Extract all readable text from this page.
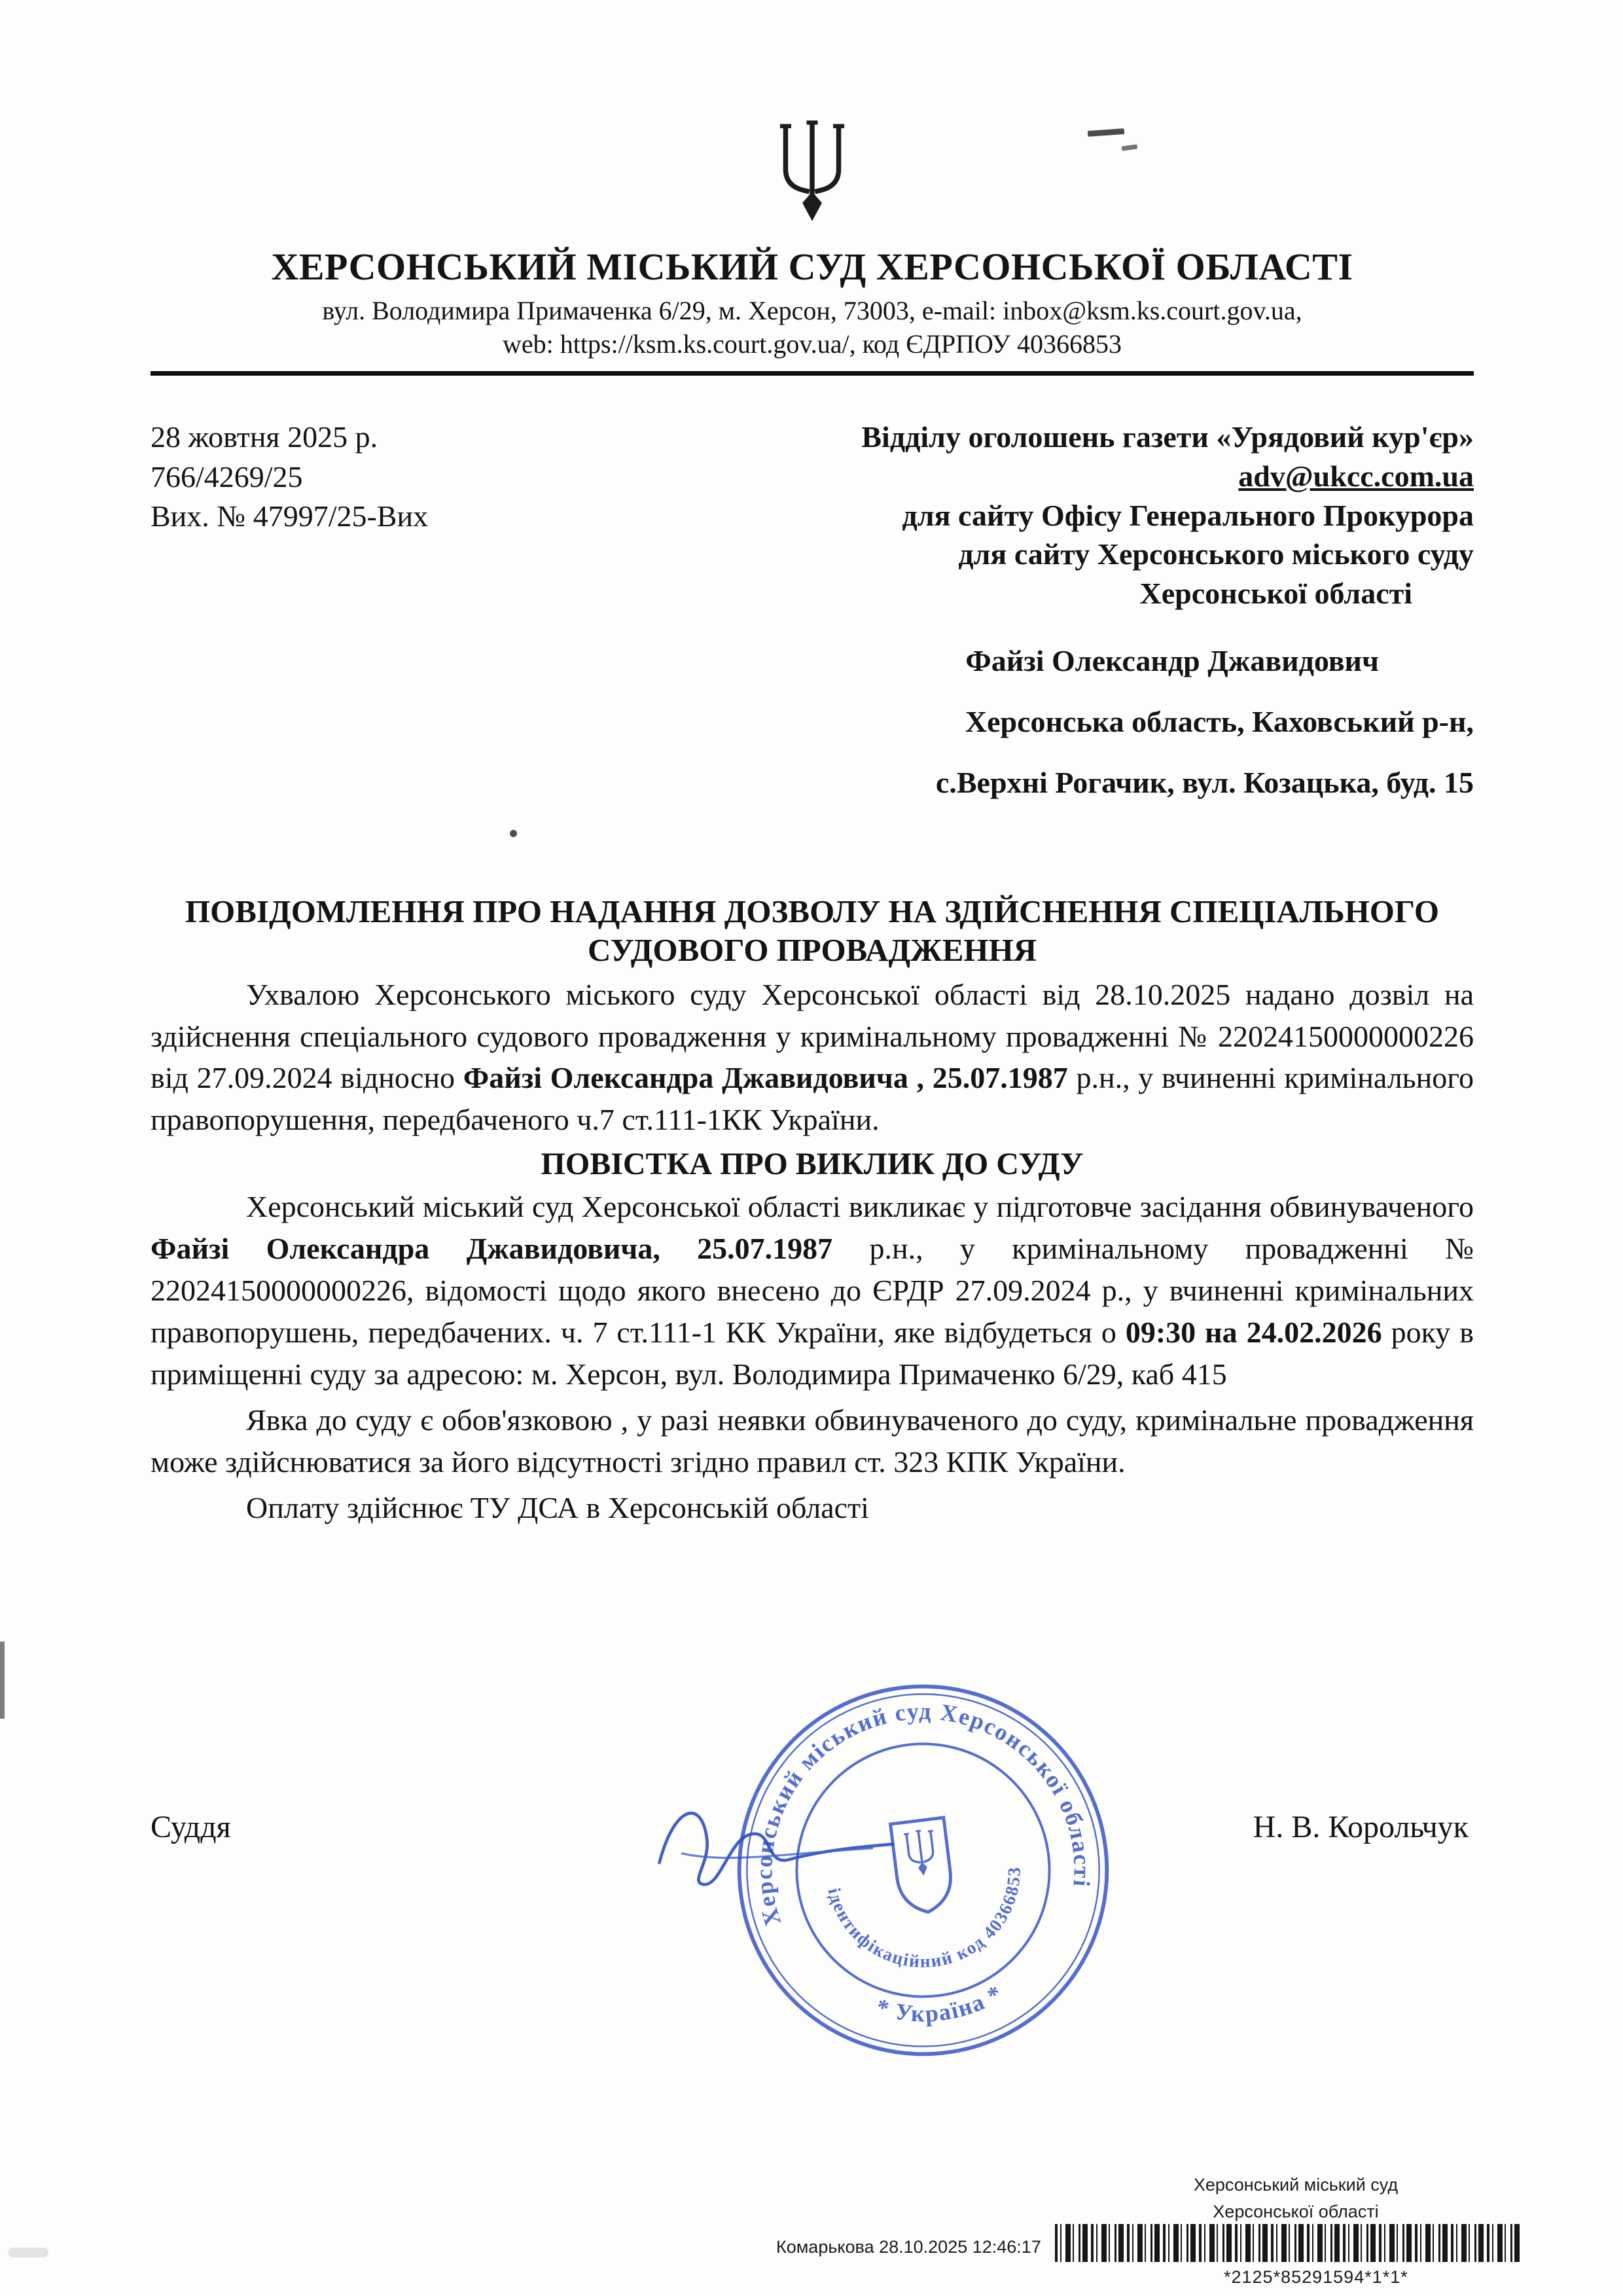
ХЕРСОНСЬКИЙ МІСЬКИЙ СУД ХЕРСОНСЬКОЇ ОБЛАСТІ
вул. Володимира Примаченка 6/29, м. Херсон, 73003, e-mail: inbox@ksm.ks.court.gov.ua,
web: https://ksm.ks.court.gov.ua/, код ЄДРПОУ 40366853
28 жовтня 2025 р.
766/4269/25
Вих. № 47997/25-Вих
Відділу оголошень газети «Урядовий кур'єр»
adv@ukcc.com.ua
для сайту Офісу Генерального Прокурора
для сайту Херсонського міського суду
Херсонської області
Файзі Олександр Джавидович
Херсонська область, Каховський р-н,
с.Верхні Рогачик, вул. Козацька, буд. 15
ПОВІДОМЛЕННЯ ПРО НАДАННЯ ДОЗВОЛУ НА ЗДІЙСНЕННЯ СПЕЦІАЛЬНОГО
СУДОВОГО ПРОВАДЖЕННЯ

Ухвалою Херсонського міського суду Херсонської області від 28.10.2025 надано дозвіл на здійснення спеціального судового провадження у кримінальному провадженні № 22024150000000226 від 27.09.2024 відносно Файзі Олександра Джавидовича , 25.07.1987 р.н., у вчиненні кримінального правопорушення, передбаченого ч.7 ст.111-1КК України.

ПОВІСТКА ПРО ВИКЛИК ДО СУДУ

Херсонський міський суд Херсонської області викликає у підготовче засідання обвинуваченого Файзі Олександра Джавидовича, 25.07.1987 р.н., у кримінальному провадженні № 22024150000000226, відомості щодо якого внесено до ЄРДР 27.09.2024 р., у вчиненні кримінальних правопорушень, передбачених. ч. 7 ст.111-1 КК України, яке відбудеться о 09:30 на 24.02.2026 року в приміщенні суду за адресою: м. Херсон, вул. Володимира Примаченко 6/29, каб 415

Явка до суду є обов'язковою , у разі неявки обвинуваченого до суду, кримінальне провадження може здійснюватися за його відсутності згідно правил ст. 323 КПК України.

Оплату здійснює ТУ ДСА в Херсонській області

Суддя	Н. В. Корольчук
Херсонський міський суд Херсонської області
* Україна *
ідентифікаційний код 40366853
Комарькова 28.10.2025 12:46:17
Херсонський міський суд
Херсонської області
*2125*85291594*1*1*
